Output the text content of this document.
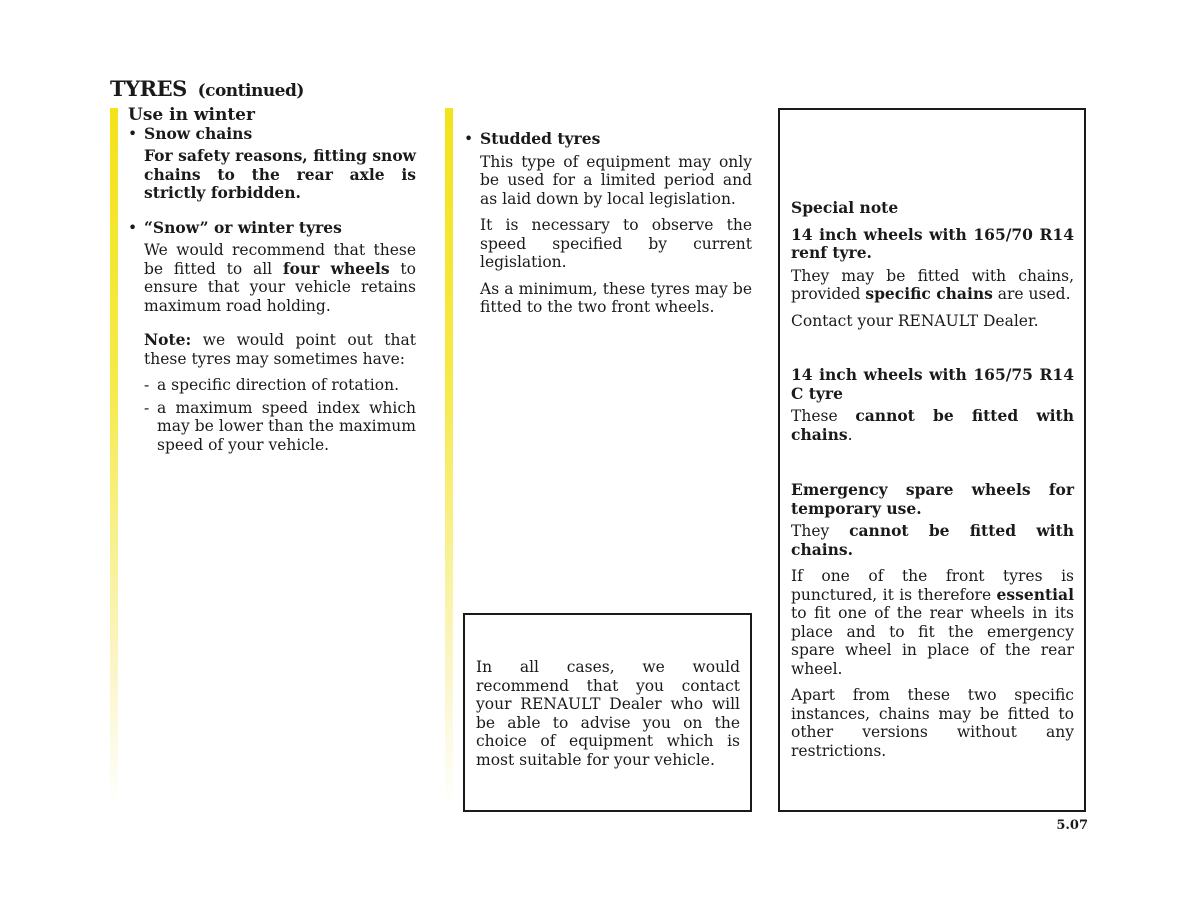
TYRES (continued)

Use in winter

• Snow chains

For safety reasons, fitting snow chains to the rear axle is strictly forbidden.

• “Snow” or winter tyres

We would recommend that these be fitted to all four wheels to ensure that your vehicle retains maximum road holding.

Note: we would point out that these tyres may sometimes have:

- a specific direction of rotation.
- a maximum speed index which may be lower than the maximum speed of your vehicle.
• Studded tyres

This type of equipment may only be used for a limited period and as laid down by local legislation.

It is necessary to observe the speed specified by current legislation.

As a minimum, these tyres may be fitted to the two front wheels.

In all cases, we would recommend that you contact your RENAULT Dealer who will be able to advise you on the choice of equipment which is most suitable for your vehicle.

Special note

14 inch wheels with 165/70 R14 renf tyre.

They may be fitted with chains, provided specific chains are used.

Contact your RENAULT Dealer.

14 inch wheels with 165/75 R14 C tyre

These cannot be fitted with chains.

Emergency spare wheels for temporary use.

They cannot be fitted with chains.

If one of the front tyres is punctured, it is therefore essential to fit one of the rear wheels in its place and to fit the emergency spare wheel in place of the rear wheel.

Apart from these two specific instances, chains may be fitted to other versions without any restrictions.

5.07
